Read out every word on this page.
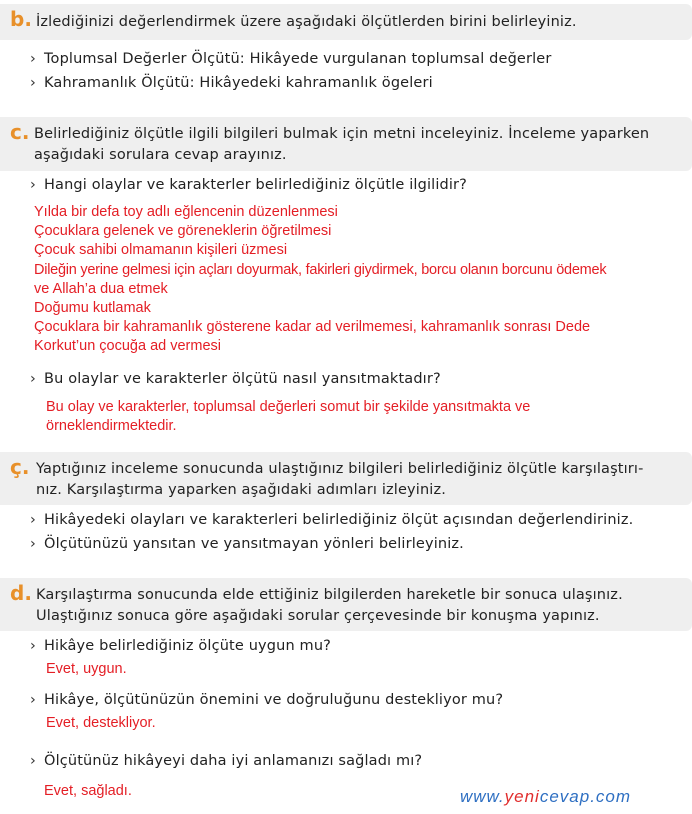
b. İzlediğinizi değerlendirmek üzere aşağıdaki ölçütlerden birini belirleyiniz.
› Toplumsal Değerler Ölçütü: Hikâyede vurgulanan toplumsal değerler
› Kahramanlık Ölçütü: Hikâyedeki kahramanlık ögeleri
c. Belirlediğiniz ölçütle ilgili bilgileri bulmak için metni inceleyiniz. İnceleme yaparken
aşağıdaki sorulara cevap arayınız.
› Hangi olaylar ve karakterler belirlediğiniz ölçütle ilgilidir?
Yılda bir defa toy adlı eğlencenin düzenlenmesi
Çocuklara gelenek ve göreneklerin öğretilmesi
Çocuk sahibi olmamanın kişileri üzmesi
Dileğin yerine gelmesi için açları doyurmak, fakirleri giydirmek, borcu olanın borcunu ödemek
ve Allah’a dua etmek
Doğumu kutlamak
Çocuklara bir kahramanlık gösterene kadar ad verilmemesi, kahramanlık sonrası Dede
Korkut’un çocuğa ad vermesi
› Bu olaylar ve karakterler ölçütü nasıl yansıtmaktadır?
Bu olay ve karakterler, toplumsal değerleri somut bir şekilde yansıtmakta ve
örneklendirmektedir.
ç. Yaptığınız inceleme sonucunda ulaştığınız bilgileri belirlediğiniz ölçütle karşılaştırı-
nız. Karşılaştırma yaparken aşağıdaki adımları izleyiniz.
› Hikâyedeki olayları ve karakterleri belirlediğiniz ölçüt açısından değerlendiriniz.
› Ölçütünüzü yansıtan ve yansıtmayan yönleri belirleyiniz.
d. Karşılaştırma sonucunda elde ettiğiniz bilgilerden hareketle bir sonuca ulaşınız.
Ulaştığınız sonuca göre aşağıdaki sorular çerçevesinde bir konuşma yapınız.
› Hikâye belirlediğiniz ölçüte uygun mu?
Evet, uygun.
› Hikâye, ölçütünüzün önemini ve doğruluğunu destekliyor mu?
Evet, destekliyor.
› Ölçütünüz hikâyeyi daha iyi anlamanızı sağladı mı?
Evet, sağladı.	www.yenicevap.com
